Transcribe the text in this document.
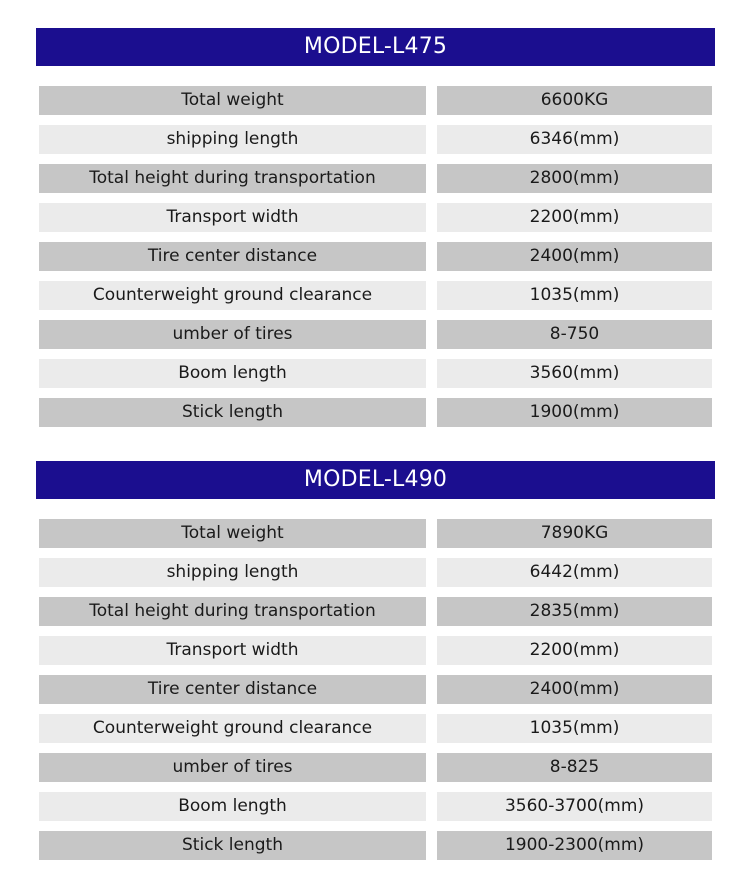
MODEL-L475
Total weight	6600KG
shipping length	6346(mm)
Total height during transportation	2800(mm)
Transport width	2200(mm)
Tire center distance	2400(mm)
Counterweight ground clearance	1035(mm)
umber of tires	8-750
Boom length	3560(mm)
Stick length	1900(mm)
MODEL-L490
Total weight	7890KG
shipping length	6442(mm)
Total height during transportation	2835(mm)
Transport width	2200(mm)
Tire center distance	2400(mm)
Counterweight ground clearance	1035(mm)
umber of tires	8-825
Boom length	3560-3700(mm)
Stick length	1900-2300(mm)
